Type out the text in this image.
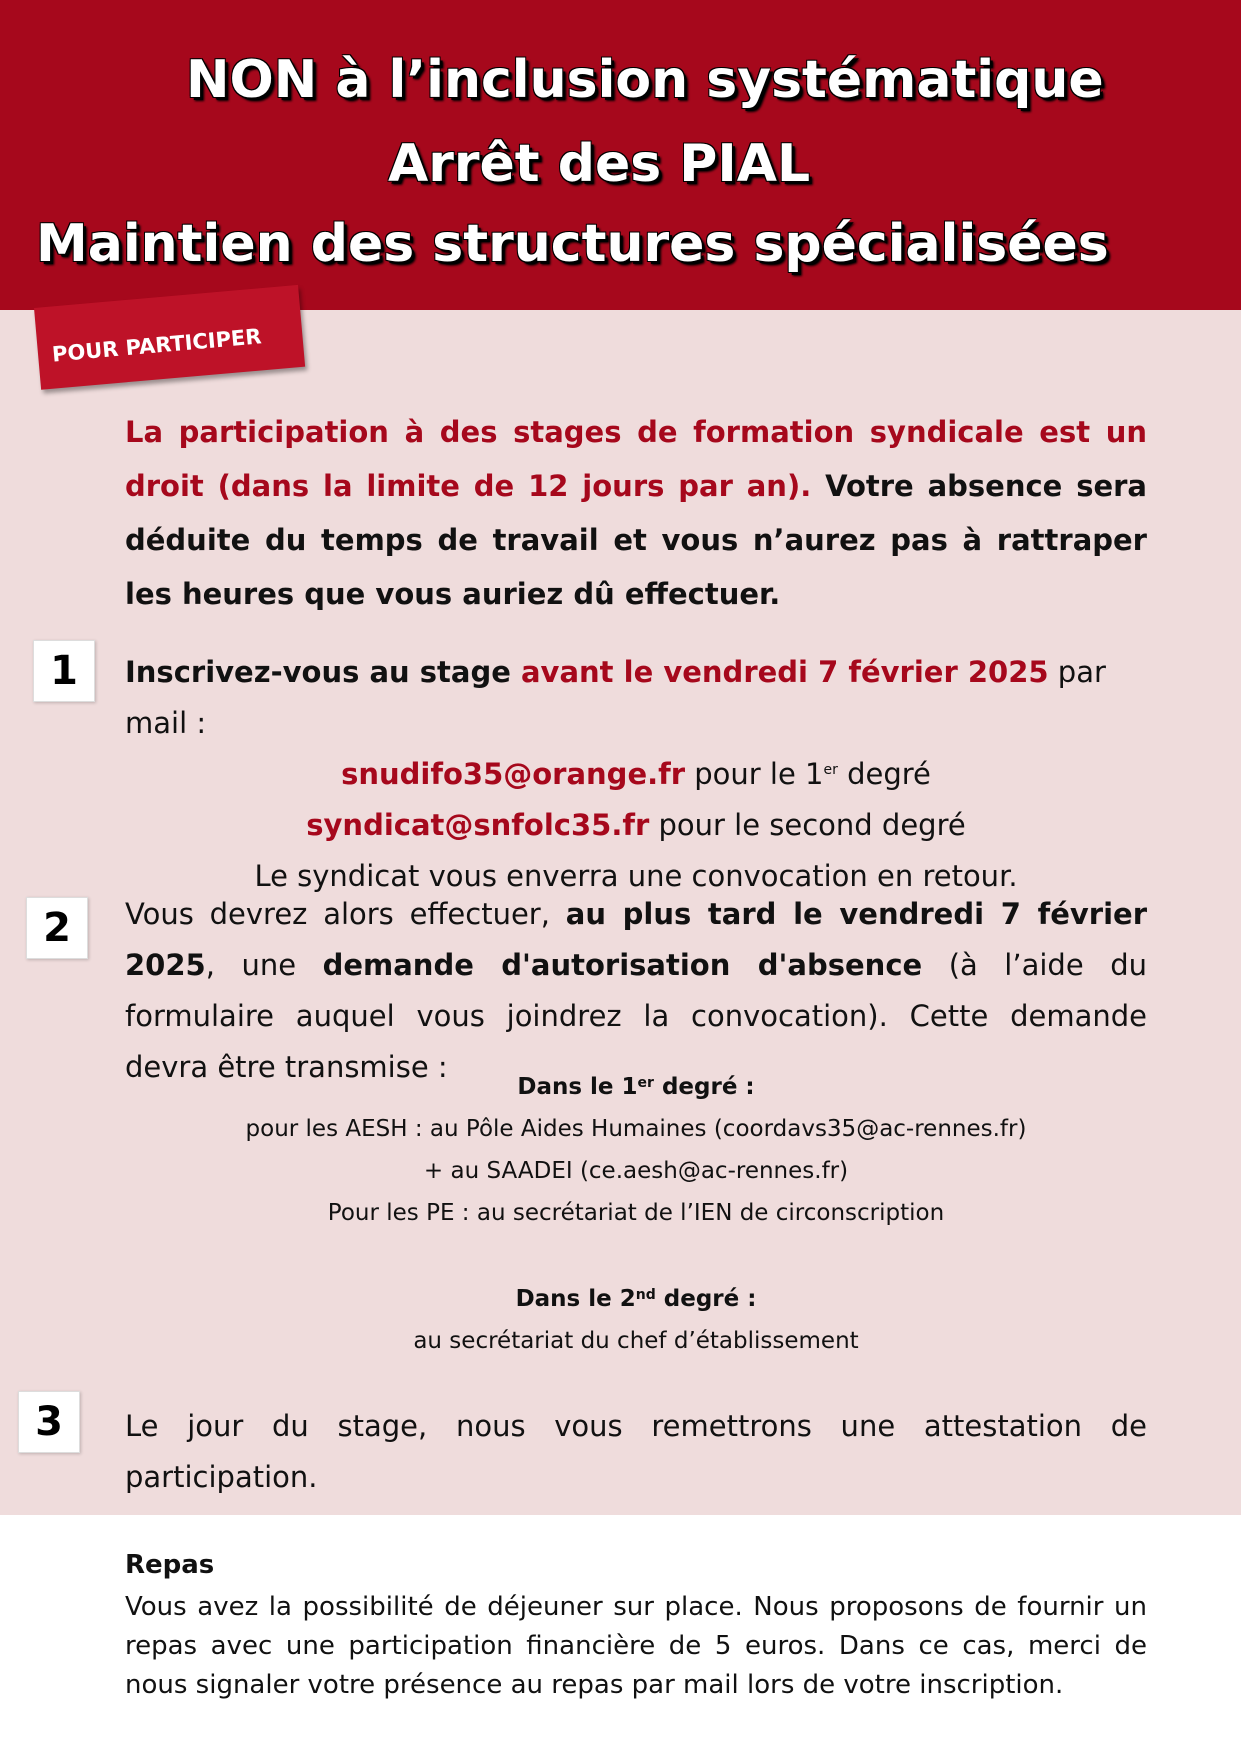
NON à l’inclusion systématique
Arrêt des PIAL
Maintien des structures spécialisées
POUR PARTICIPER
La participation à des stages de formation syndicale est un droit (dans la limite de 12 jours par an). Votre absence sera déduite du temps de travail et vous n’aurez pas à rattraper les heures que vous auriez dû effectuer.
1	Inscrivez-vous au stage avant le vendredi 7 février 2025 par mail :
snudifo35@orange.fr pour le 1er degré
syndicat@snfolc35.fr pour le second degré
Le syndicat vous enverra une convocation en retour.
2	Vous devrez alors effectuer, au plus tard le vendredi 7 février 2025, une demande d'autorisation d'absence (à l’aide du formulaire auquel vous joindrez la convocation). Cette demande devra être transmise :
Dans le 1er degré :
pour les AESH : au Pôle Aides Humaines (coordavs35@ac-rennes.fr)
+ au SAADEI (ce.aesh@ac-rennes.fr)
Pour les PE : au secrétariat de l’IEN de circonscription
Dans le 2nd degré :
au secrétariat du chef d’établissement
3	Le jour du stage, nous vous remettrons une attestation de participation.
Repas
Vous avez la possibilité de déjeuner sur place. Nous proposons de fournir un repas avec une participation financière de 5 euros. Dans ce cas, merci de nous signaler votre présence au repas par mail lors de votre inscription.
